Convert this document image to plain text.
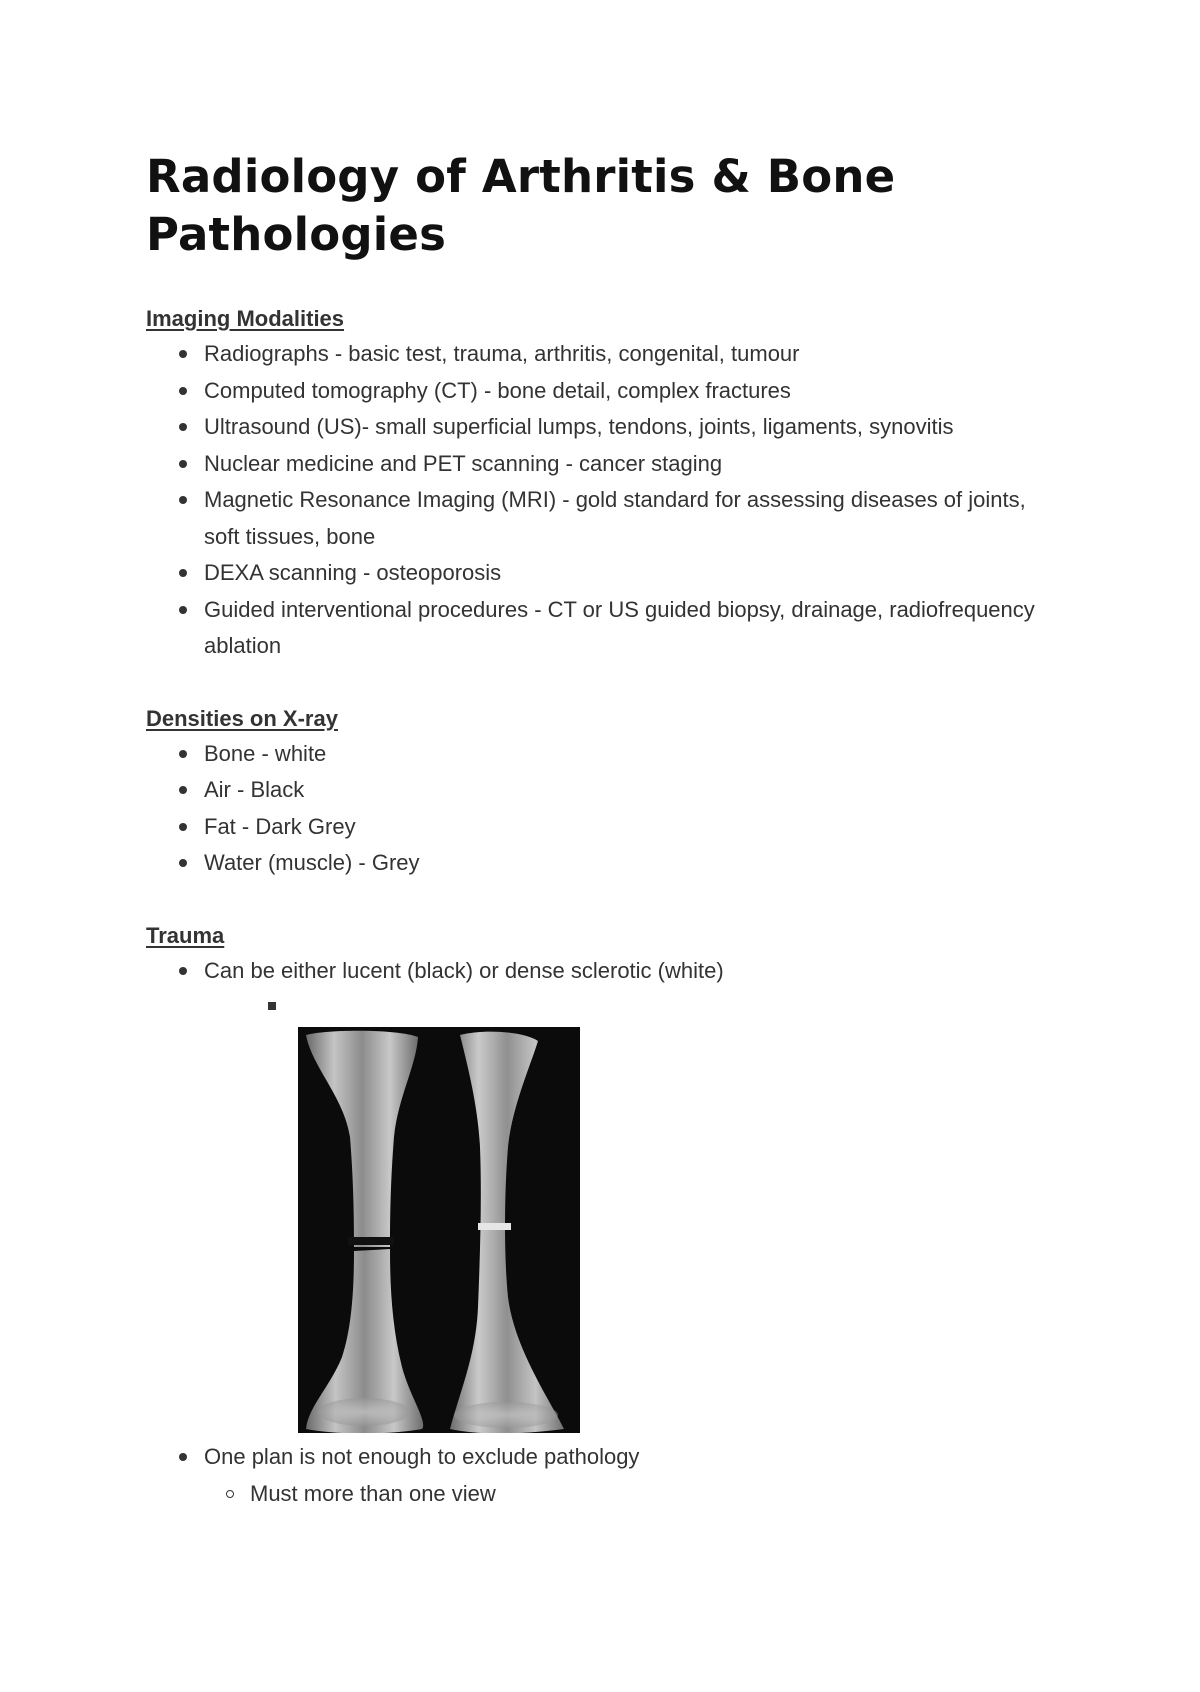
Radiology of Arthritis & Bone Pathologies
Imaging Modalities
Radiographs - basic test, trauma, arthritis, congenital, tumour
Computed tomography (CT) - bone detail, complex fractures
Ultrasound (US)- small superficial lumps, tendons, joints, ligaments, synovitis
Nuclear medicine and PET scanning - cancer staging
Magnetic Resonance Imaging (MRI) - gold standard for assessing diseases of joints, soft tissues, bone
DEXA scanning - osteoporosis
Guided interventional procedures - CT or US guided biopsy, drainage, radiofrequency ablation
Densities on X-ray
Bone - white
Air - Black
Fat - Dark Grey
Water (muscle) - Grey
Trauma
Can be either lucent (black) or dense sclerotic (white)
One plan is not enough to exclude pathology
Must more than one view
